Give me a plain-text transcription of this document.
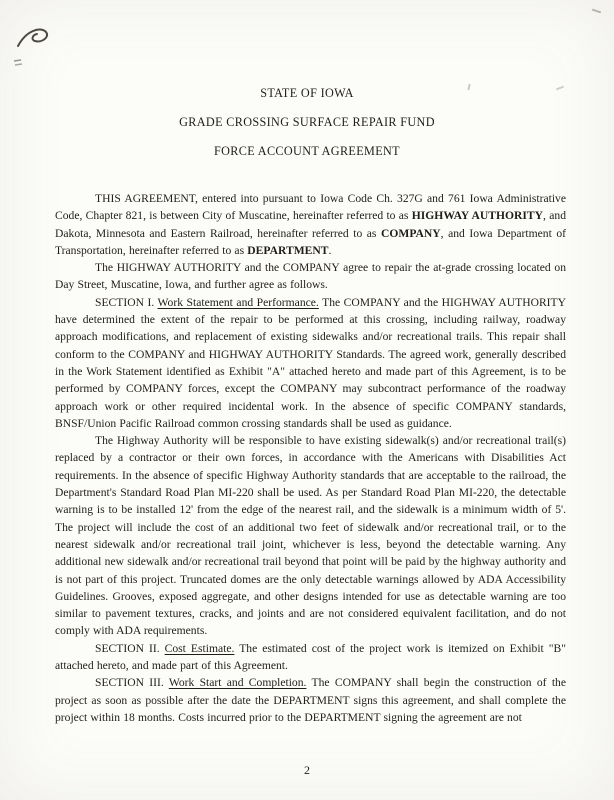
STATE OF IOWA

GRADE CROSSING SURFACE REPAIR FUND

FORCE ACCOUNT AGREEMENT

THIS AGREEMENT, entered into pursuant to Iowa Code Ch. 327G and 761 Iowa Administrative Code, Chapter 821, is between City of Muscatine, hereinafter referred to as HIGHWAY AUTHORITY, and Dakota, Minnesota and Eastern Railroad, hereinafter referred to as COMPANY, and Iowa Department of Transportation, hereinafter referred to as DEPARTMENT.

The HIGHWAY AUTHORITY and the COMPANY agree to repair the at-grade crossing located on Day Street, Muscatine, Iowa, and further agree as follows.

SECTION I. Work Statement and Performance. The COMPANY and the HIGHWAY AUTHORITY have determined the extent of the repair to be performed at this crossing, including railway, roadway approach modifications, and replacement of existing sidewalks and/or recreational trails. This repair shall conform to the COMPANY and HIGHWAY AUTHORITY Standards. The agreed work, generally described in the Work Statement identified as Exhibit "A" attached hereto and made part of this Agreement, is to be performed by COMPANY forces, except the COMPANY may subcontract performance of the roadway approach work or other required incidental work. In the absence of specific COMPANY standards, BNSF/Union Pacific Railroad common crossing standards shall be used as guidance.

The Highway Authority will be responsible to have existing sidewalk(s) and/or recreational trail(s) replaced by a contractor or their own forces, in accordance with the Americans with Disabilities Act requirements. In the absence of specific Highway Authority standards that are acceptable to the railroad, the Department's Standard Road Plan MI-220 shall be used. As per Standard Road Plan MI-220, the detectable warning is to be installed 12' from the edge of the nearest rail, and the sidewalk is a minimum width of 5'. The project will include the cost of an additional two feet of sidewalk and/or recreational trail, or to the nearest sidewalk and/or recreational trail joint, whichever is less, beyond the detectable warning. Any additional new sidewalk and/or recreational trail beyond that point will be paid by the highway authority and is not part of this project. Truncated domes are the only detectable warnings allowed by ADA Accessibility Guidelines. Grooves, exposed aggregate, and other designs intended for use as detectable warning are too similar to pavement textures, cracks, and joints and are not considered equivalent facilitation, and do not comply with ADA requirements.

SECTION II. Cost Estimate. The estimated cost of the project work is itemized on Exhibit "B" attached hereto, and made part of this Agreement.

SECTION III. Work Start and Completion. The COMPANY shall begin the construction of the project as soon as possible after the date the DEPARTMENT signs this agreement, and shall complete the project within 18 months. Costs incurred prior to the DEPARTMENT signing the agreement are not

2
